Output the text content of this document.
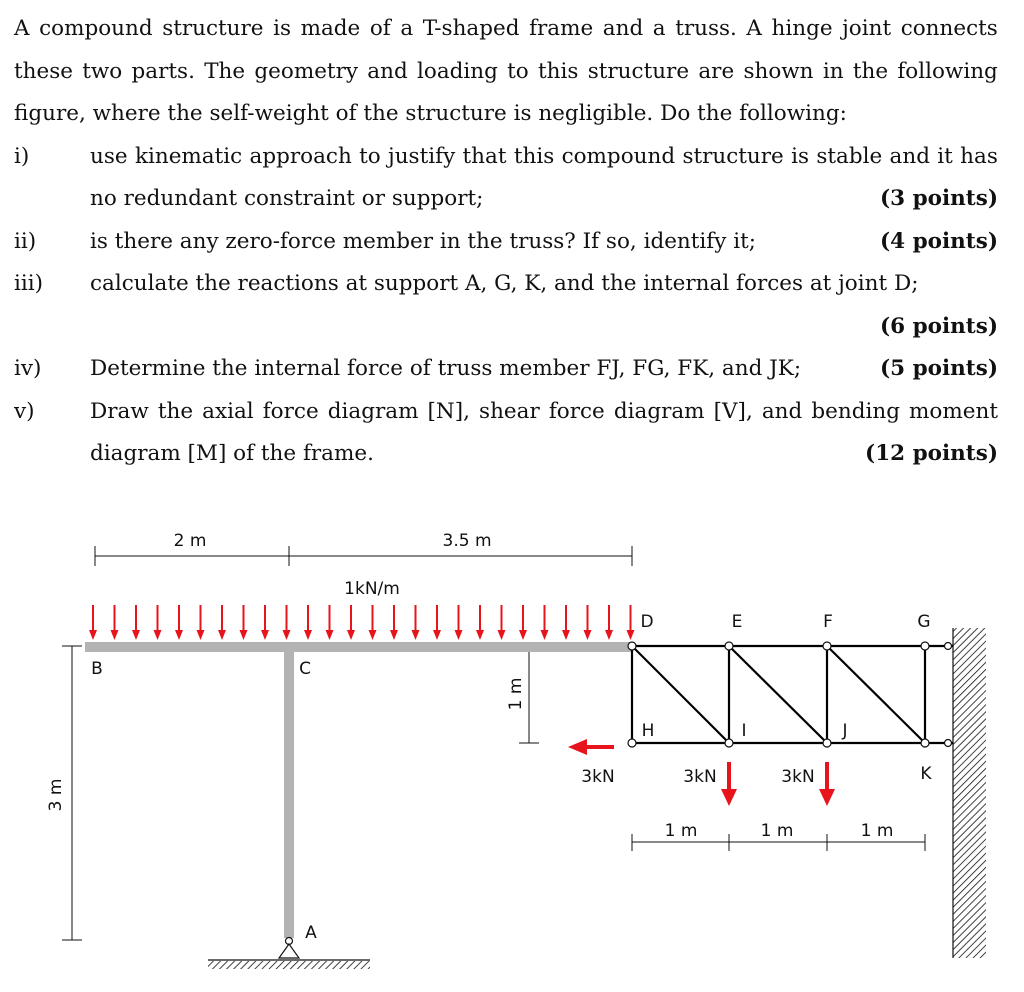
A compound structure is made of a T-shaped frame and a truss. A hinge joint connects
these two parts. The geometry and loading to this structure are shown in the following
figure, where the self-weight of the structure is negligible. Do the following:
i)	use kinematic approach to justify that this compound structure is stable and it has
no redundant constraint or support;	(3 points)
ii)	is there any zero-force member in the truss? If so, identify it;	(4 points)
iii) calculate the reactions at support A, G, K, and the internal forces at joint D;
(6 points)
iv) Determine the internal force of truss member FJ, FG, FK, and JK;	(5 points)
v)	Draw the axial force diagram [N], shear force diagram [V], and bending moment
diagram [M] of the frame.	(12 points)
2 m	3.5 m
3 m
1 m
B	C
1kN/m
A
D	E	F	G
H	I	J
K
3kN	3kN	3kN
1 m	1 m	1 m
